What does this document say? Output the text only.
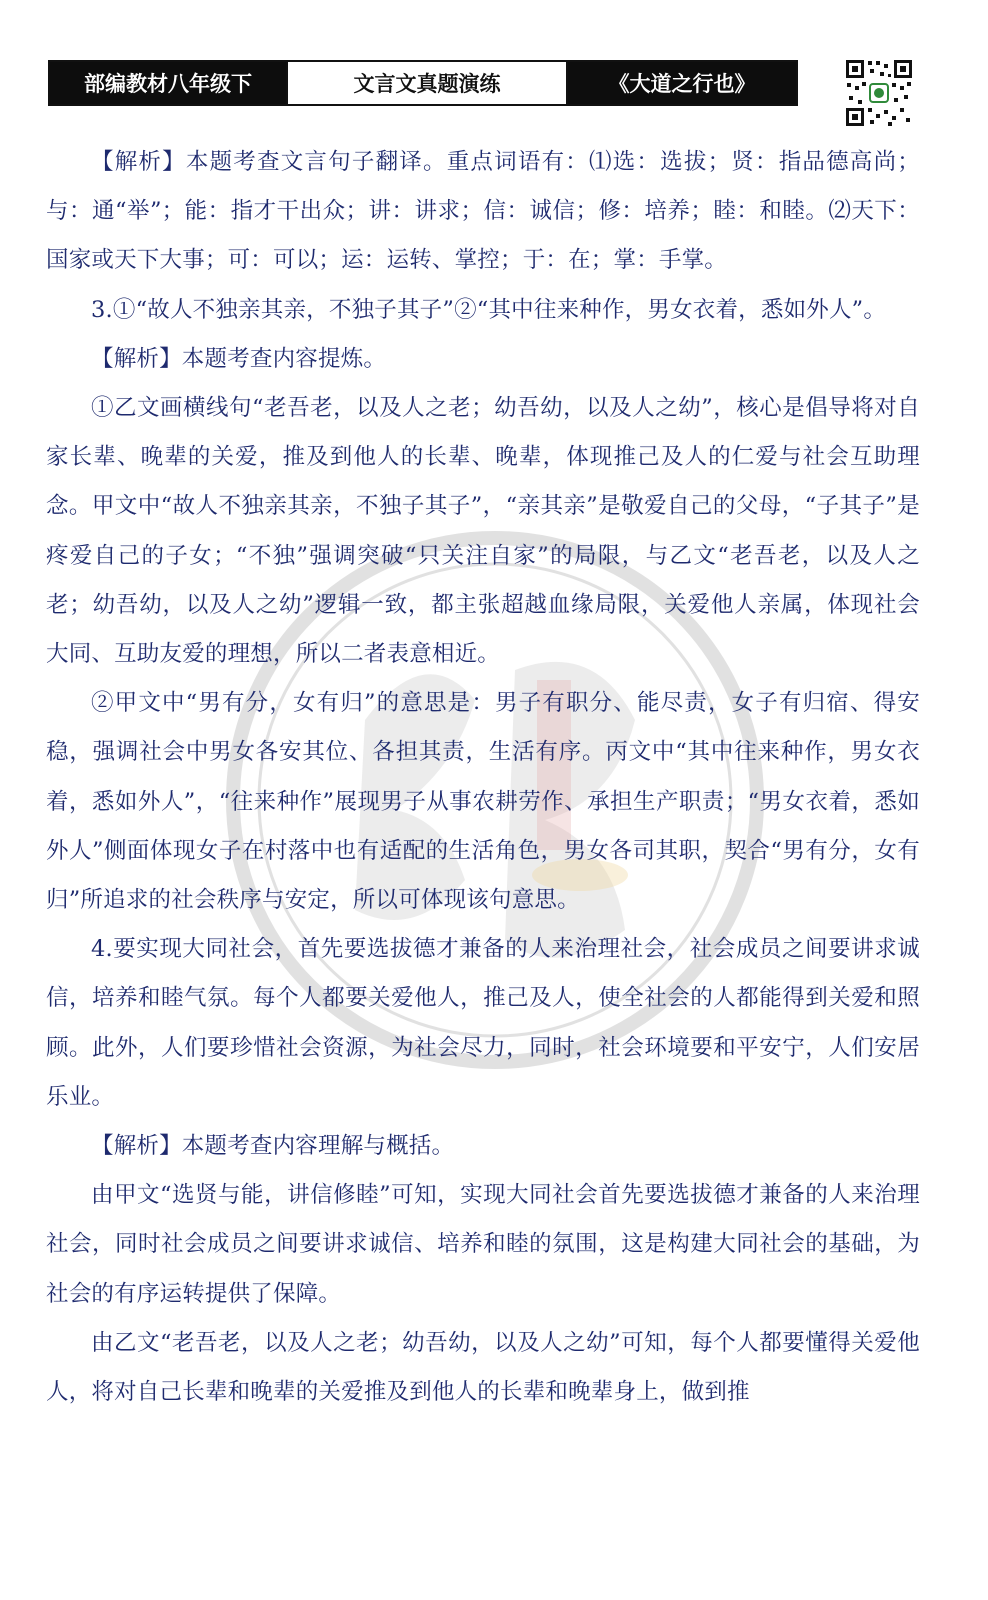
部编教材八年级下	文言文真题演练	《大道之行也》

【解析】本题考查文言句子翻译。重点词语有：⑴选：选拔；贤：指品德高尚；与：通“举”；能：指才干出众；讲：讲求；信：诚信；修：培养；睦：和睦。⑵天下：国家或天下大事；可：可以；运：运转、掌控；于：在；掌：手掌。

3.①“故人不独亲其亲，不独子其子”②“其中往来种作，男女衣着，悉如外人”。

【解析】本题考查内容提炼。

①乙文画横线句“老吾老，以及人之老；幼吾幼，以及人之幼”，核心是倡导将对自家长辈、晚辈的关爱，推及到他人的长辈、晚辈，体现推己及人的仁爱与社会互助理念。甲文中“故人不独亲其亲，不独子其子”，“亲其亲”是敬爱自己的父母，“子其子”是疼爱自己的子女；“不独”强调突破“只关注自家”的局限，与乙文“老吾老，以及人之老；幼吾幼，以及人之幼”逻辑一致，都主张超越血缘局限，关爱他人亲属，体现社会大同、互助友爱的理想，所以二者表意相近。

②甲文中“男有分，女有归”的意思是：男子有职分、能尽责，女子有归宿、得安稳，强调社会中男女各安其位、各担其责，生活有序。丙文中“其中往来种作，男女衣着，悉如外人”，“往来种作”展现男子从事农耕劳作、承担生产职责；“男女衣着，悉如外人”侧面体现女子在村落中也有适配的生活角色，男女各司其职，契合“男有分，女有归”所追求的社会秩序与安定，所以可体现该句意思。

4.要实现大同社会，首先要选拔德才兼备的人来治理社会，社会成员之间要讲求诚信，培养和睦气氛。每个人都要关爱他人，推己及人，使全社会的人都能得到关爱和照顾。此外，人们要珍惜社会资源，为社会尽力，同时，社会环境要和平安宁，人们安居乐业。

【解析】本题考查内容理解与概括。

由甲文“选贤与能，讲信修睦”可知，实现大同社会首先要选拔德才兼备的人来治理社会，同时社会成员之间要讲求诚信、培养和睦的氛围，这是构建大同社会的基础，为社会的有序运转提供了保障。

由乙文“老吾老，以及人之老；幼吾幼，以及人之幼”可知，每个人都要懂得关爱他人，将对自己长辈和晚辈的关爱推及到他人的长辈和晚辈身上，做到推
